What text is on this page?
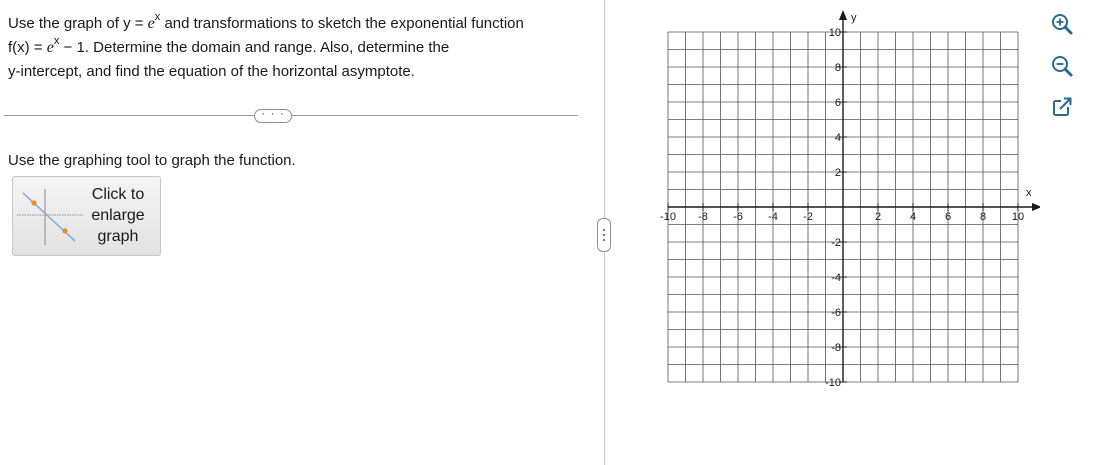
Use the graph of $y = e^x$ and transformations to sketch the exponential function
$f(x) = e^x - 1$. Determine the domain and range. Also, determine the
y-intercept, and find the equation of the horizontal asymptote.
· · ·
Use the graphing tool to graph the function.
Click to
enlarge
graph
-10 -8 -6 -4 -2	2	4	6	8 10
10
8
6
4
2
-2
-4
-6
-8
-10
x
y
